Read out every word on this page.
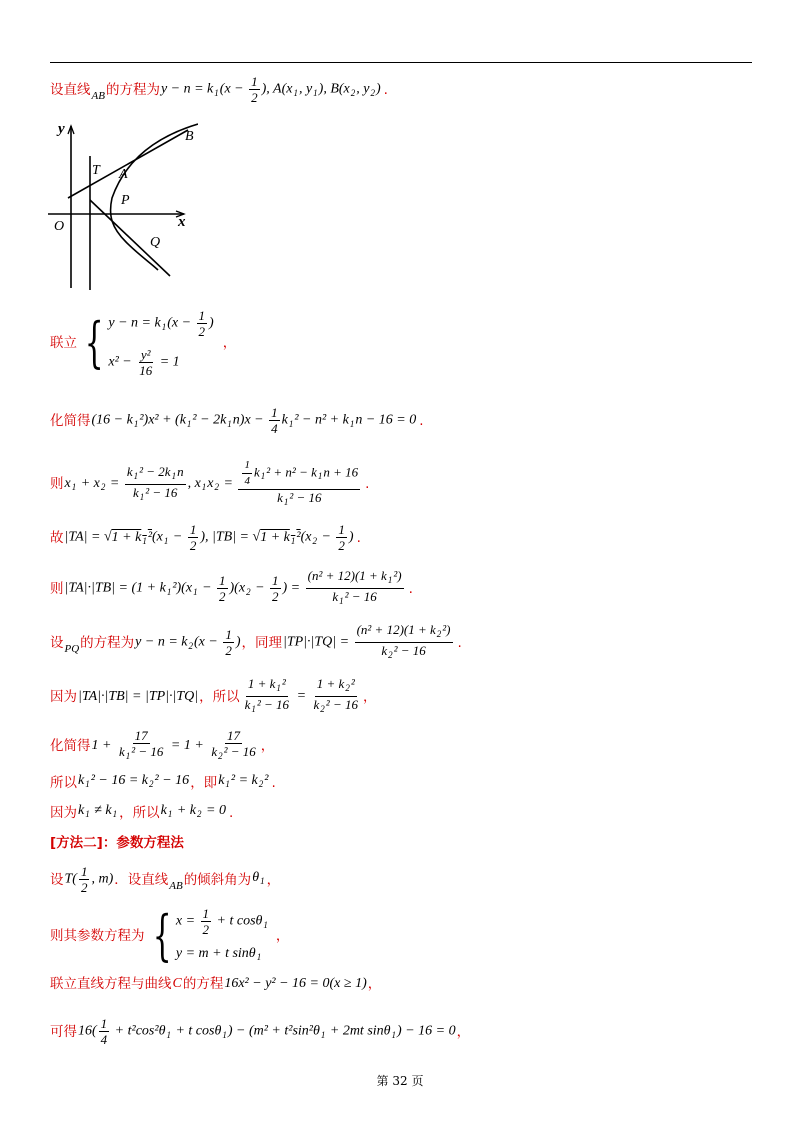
设直线 AB 的方程为 $y - n = k_1(x - \frac{1}{2}$ ), $A(x_1$, $y_1$), $B(x_2$, $y_2$) .
y
x
O
T A
B
P
Q
联立 { $y - n = k_1(x - \frac{1}{2}$ )
$x^2 - \frac{\text{y²}}{16} = 1$
，
化简得 $(16 - k_1^2)x^2 + (k_1^2 - 2k_1n)x - \frac{1}{4} k_1^2 - n^2 + k_1n - 16 = 0$ .
则 $x_1 + x_2 = \frac{k_1^2 - 2k_1n}{k_1^2 - 16}$ , $x_1x_2 = \frac{\frac{1}{4} k_1^2 + n^2 - k_1n + 16}{k_1^2 - 16}$ .
故 $|TA| = √1 + k_1^2(x_1 - \frac{1}{2}$ ), $|TB| = √1 + k_1^2(x_2 - \frac{1}{2}$ ) .
则 $|TA|\cdot|TB| = (1 + k_1^2)(x_1 - \frac{1}{2} )(x_2 - \frac{1}{2}$ ) = $\frac{(n^2 + 12)(1 + k_1^2)}{k_1^2 - 16}$ .
设 PQ 的方程为 $y - n = k_2(x - \frac{1}{2}$ ) ，同理 $|TP|\cdot|TQ| = \frac{(n^2 + 12)(1 + k_2^2)}{k_2^2 - 16}$ .
因为 |TA|·|TB| = |TP|·|TQ| ，所以 $\frac{1 + k_1^2}{k_1^2 - 16} = \frac{1 + k_2^2}{k_2^2 - 16}$ ，
化简得 $1 + \frac{17}{k_1^2 - 16} = 1 + \frac{17}{k_2^2 - 16}$ ，
所以 $k_1^2 - 16 = k_2^2 - 16$ ，即 $k_1^2 = k_2^2$ .
因为 $k_1 \ne k_1$ ，所以 $k_1 + k_2 = 0$ .
[方法二]：参数方程法
设 $T( \frac{1}{2}$ , m) ．设直线 AB 的倾斜角为 $\theta_1$ ，
则其参数方程为 { $x = \frac{1}{2} + t$ cosθ$_1$
y = m + t sinθ$_1$
，
联立直线方程与曲线 C 的方程 16x² − y² − 16 = 0(x ≥ 1) ，
可得 $16( \frac{1}{4} + t^2\cos^2\theta_1 + t$ $\cos\theta_1) - (m^2 + t^2\sin^2\theta_1 + 2mt$ sinθ$_1$) − 16 = 0 ，
第 32 页
